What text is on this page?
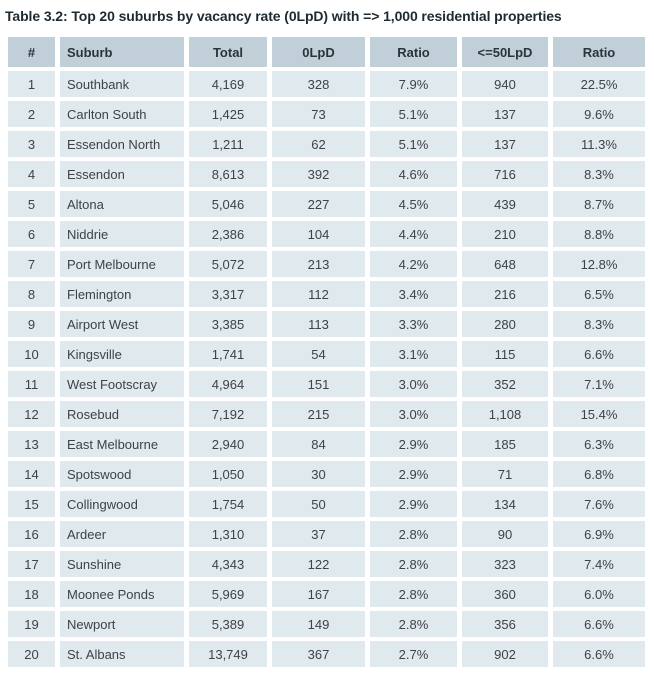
Table 3.2: Top 20 suburbs by vacancy rate (0LpD) with => 1,000 residential properties
#	Suburb	Total	0LpD	Ratio	<=50LpD	Ratio
1	Southbank	4,169	328	7.9%	940	22.5%
2	Carlton South	1,425	73	5.1%	137	9.6%
3	Essendon North	1,211	62	5.1%	137	11.3%
4	Essendon	8,613	392	4.6%	716	8.3%
5	Altona	5,046	227	4.5%	439	8.7%
6	Niddrie	2,386	104	4.4%	210	8.8%
7	Port Melbourne	5,072	213	4.2%	648	12.8%
8	Flemington	3,317	112	3.4%	216	6.5%
9	Airport West	3,385	113	3.3%	280	8.3%
10	Kingsville	1,741	54	3.1%	115	6.6%
11	West Footscray	4,964	151	3.0%	352	7.1%
12	Rosebud	7,192	215	3.0%	1,108	15.4%
13	East Melbourne	2,940	84	2.9%	185	6.3%
14	Spotswood	1,050	30	2.9%	71	6.8%
15	Collingwood	1,754	50	2.9%	134	7.6%
16	Ardeer	1,310	37	2.8%	90	6.9%
17	Sunshine	4,343	122	2.8%	323	7.4%
18	Moonee Ponds	5,969	167	2.8%	360	6.0%
19	Newport	5,389	149	2.8%	356	6.6%
20	St. Albans	13,749	367	2.7%	902	6.6%
